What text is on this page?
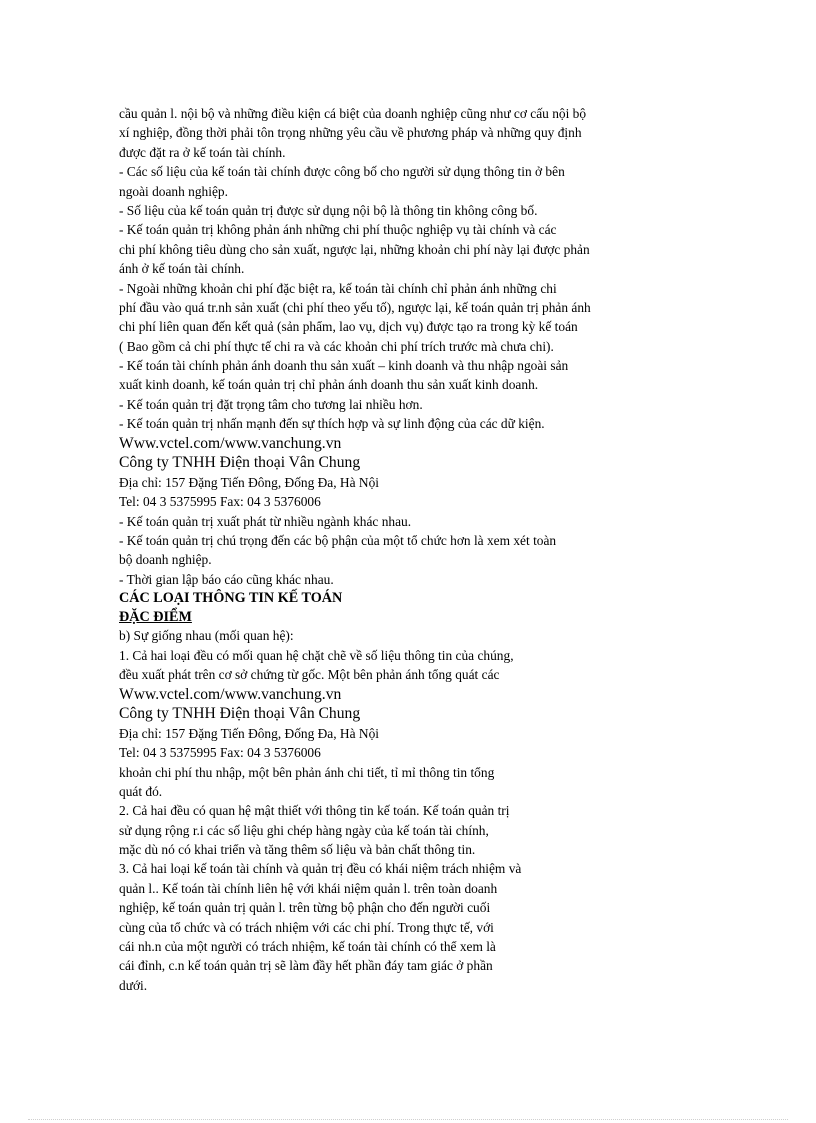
cầu quản l. nội bộ và những điều kiện cá biệt của doanh nghiệp cũng như cơ cấu nội bộ
xí nghiệp, đồng thời phải tôn trọng những yêu cầu về phương pháp và những quy định
được đặt ra ở kế toán tài chính.
- Các số liệu của kế toán tài chính được công bố cho người sử dụng thông tin ở bên
ngoài doanh nghiệp.
- Số liệu của kế toán quản trị được sử dụng nội bộ là thông tin không công bố.
- Kế toán quản trị không phản ánh những chi phí thuộc nghiệp vụ tài chính và các
chi phí không tiêu dùng cho sản xuất, ngược lại, những khoản chi phí này lại được phản
ánh ở kế toán tài chính.
- Ngoài những khoản chi phí đặc biệt ra, kế toán tài chính chỉ phản ánh những chi
phí đầu vào quá tr.nh sản xuất (chi phí theo yếu tố), ngược lại, kế toán quản trị phản ánh
chi phí liên quan đến kết quả (sản phẩm, lao vụ, dịch vụ) được tạo ra trong kỳ kế toán
( Bao gồm cả chi phí thực tế chi ra và các khoản chi phí trích trước mà chưa chi).
- Kế toán tài chính phản ánh doanh thu sản xuất – kinh doanh và thu nhập ngoài sản
xuất kinh doanh, kế toán quản trị chỉ phản ánh doanh thu sản xuất kinh doanh.
- Kế toán quản trị đặt trọng tâm cho tương lai nhiều hơn.
- Kế toán quản trị nhấn mạnh đến sự thích hợp và sự linh động của các dữ kiện.
Www.vctel.com/www.vanchung.vn
Công ty TNHH Điện thoại Vân Chung
Địa chỉ: 157 Đặng Tiến Đông, Đống Đa, Hà Nội
Tel: 04 3 5375995 Fax: 04 3 5376006
- Kế toán quản trị xuất phát từ nhiều ngành khác nhau.
- Kế toán quản trị chú trọng đến các bộ phận của một tổ chức hơn là xem xét toàn
bộ doanh nghiệp.
- Thời gian lập báo cáo cũng khác nhau.
CÁC LOẠI THÔNG TIN KẾ TOÁN
ĐẶC ĐIỂM
b) Sự giống nhau (mối quan hệ):
1. Cả hai loại đều có mối quan hệ chặt chẽ về số liệu thông tin của chúng,
đều xuất phát trên cơ sở chứng từ gốc. Một bên phản ánh tổng quát các
Www.vctel.com/www.vanchung.vn
Công ty TNHH Điện thoại Vân Chung
Địa chỉ: 157 Đặng Tiến Đông, Đống Đa, Hà Nội
Tel: 04 3 5375995 Fax: 04 3 5376006
khoản chi phí thu nhập, một bên phản ánh chi tiết, tỉ mỉ thông tin tổng
quát đó.
2. Cả hai đều có quan hệ mật thiết với thông tin kế toán. Kế toán quản trị
sử dụng rộng r.i các số liệu ghi chép hàng ngày của kế toán tài chính,
mặc dù nó có khai triển và tăng thêm số liệu và bản chất thông tin.
3. Cả hai loại kế toán tài chính và quản trị đều có khái niệm trách nhiệm và
quản l.. Kế toán tài chính liên hệ với khái niệm quản l. trên toàn doanh
nghiệp, kế toán quản trị quản l. trên từng bộ phận cho đến người cuối
cùng của tổ chức và có trách nhiệm với các chi phí. Trong thực tế, với
cái nh.n của một người có trách nhiệm, kế toán tài chính có thể xem là
cái đỉnh, c.n kế toán quản trị sẽ làm đầy hết phần đáy tam giác ở phần
dưới.
